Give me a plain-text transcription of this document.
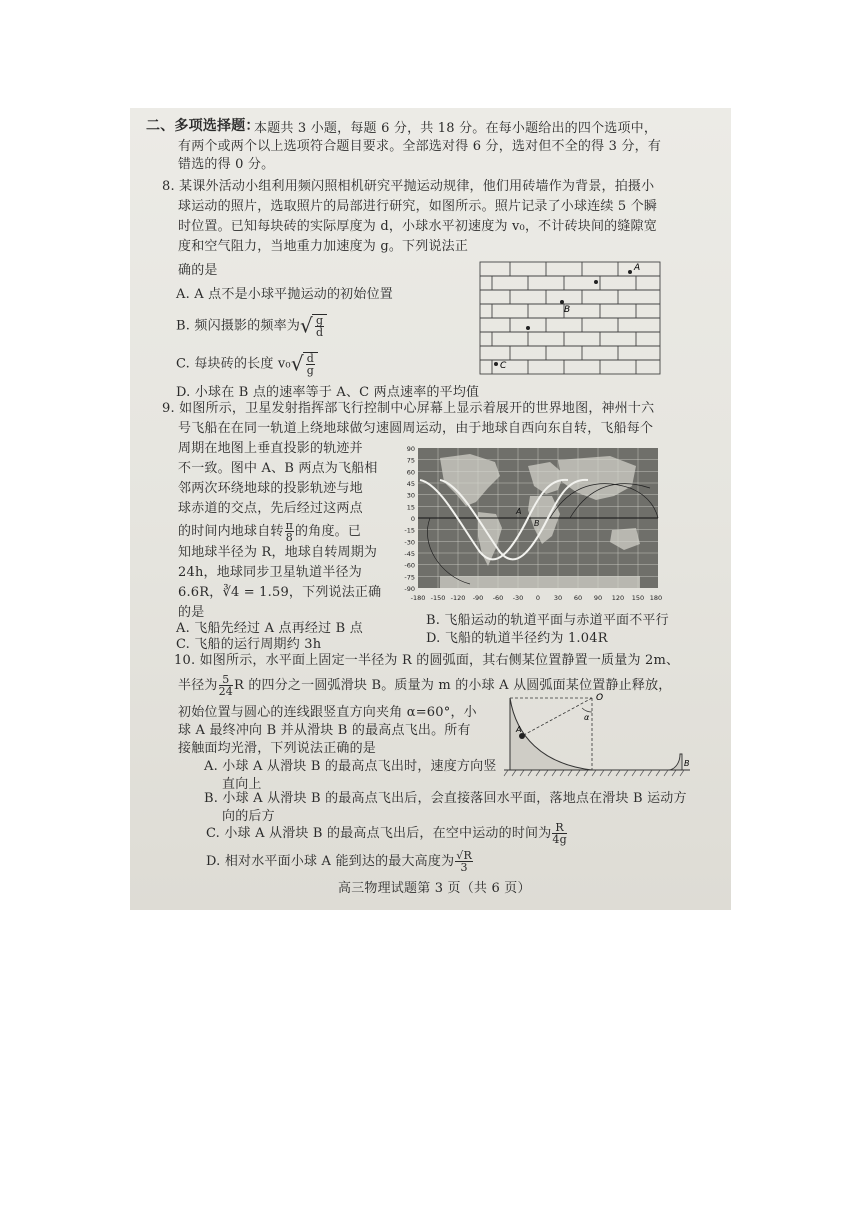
二、多项选择题：
本题共 3 小题，每题 6 分，共 18 分。在每小题给出的四个选项中，
有两个或两个以上选项符合题目要求。全部选对得 6 分，选对但不全的得 3 分，有
错选的得 0 分。
8. 某课外活动小组利用频闪照相机研究平抛运动规律，他们用砖墙作为背景，拍摄小
球运动的照片，选取照片的局部进行研究，如图所示。照片记录了小球连续 5 个瞬
时位置。已知每块砖的实际厚度为 d，小球水平初速度为 v₀，不计砖块间的缝隙宽
度和空气阻力，当地重力加速度为 g。下列说法正
确的是
A. A 点不是小球平抛运动的初始位置
B. 频闪摄影的频率为√ $\frac{g}{d}$
C. 每块砖的长度 $v_0√ \frac{d}{g}$
D. 小球在 B 点的速率等于 A、C 两点速率的平均值
A
B
C
9. 如图所示，卫星发射指挥部飞行控制中心屏幕上显示着展开的世界地图，神州十六
号飞船在在同一轨道上绕地球做匀速圆周运动，由于地球自西向东自转，飞船每个
周期在地图上垂直投影的轨迹并
不一致。图中 A、B 两点为飞船相
邻两次环绕地球的投影轨迹与地
球赤道的交点，先后经过这两点
的时间内地球自转 $\frac{\pi}{8}$ 的角度。已
知地球半径为 R，地球自转周期为
24h，地球同步卫星轨道半径为
6.6R，∛4 = 1.59，下列说法正确
的是
A. 飞船先经过 A 点再经过 B 点
B. 飞船运动的轨道平面与赤道平面不平行
C. 飞船的运行周期约 3h	D. 飞船的轨道半径约为 1.04R
A
B
90
75
60
45
30
15
0
-15
-30
-45
-60
-75
-90
-180 -150 -120 -90 -60 -30 0 30 60 90 120 150 180
10. 如图所示，水平面上固定一半径为 R 的圆弧面，其右侧某位置静置一质量为 2m、
半径为 $\frac{5}{24}$ R 的四分之一圆弧滑块 B。质量为 m 的小球 A 从圆弧面某位置静止释放，
初始位置与圆心的连线跟竖直方向夹角 α=60°，小
球 A 最终冲向 B 并从滑块 B 的最高点飞出。所有
接触面均光滑，下列说法正确的是
A. 小球 A 从滑块 B 的最高点飞出时，速度方向竖
直向上
B. 小球 A 从滑块 B 的最高点飞出后，会直接落回水平面，落地点在滑块 B 运动方
向的后方
C. 小球 A 从滑块 B 的最高点飞出后，在空中运动的时间为 $\frac{R}{4g}$
D. 相对水平面小球 A 能到达的最大高度为 $\frac{√R}{3}$
O
α
A
B
高三物理试题第 3 页（共 6 页）
